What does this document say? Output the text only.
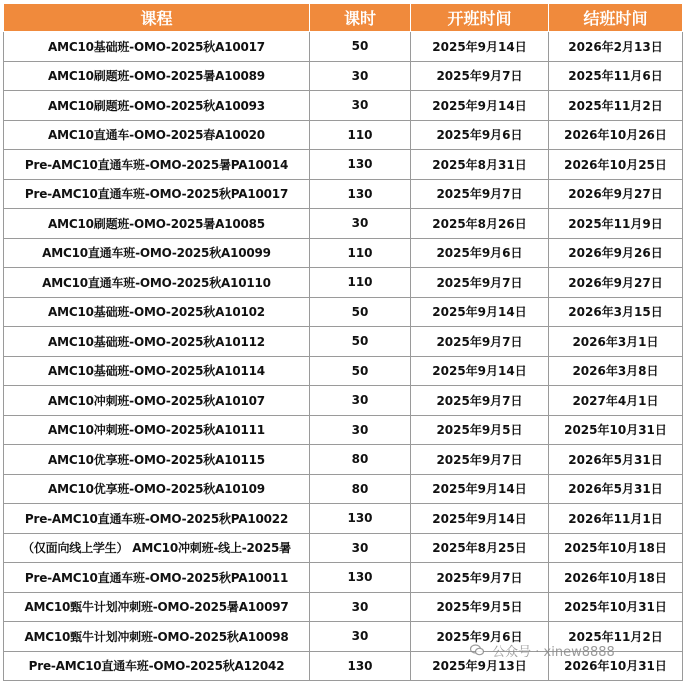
课程	课时	开班时间	结班时间
AMC10基础班-OMO-2025秋A10017	50	2025年9月14日	2026年2月13日
AMC10刷题班-OMO-2025暑A10089	30	2025年9月7日	2025年11月6日
AMC10刷题班-OMO-2025秋A10093	30	2025年9月14日	2025年11月2日
AMC10直通车-OMO-2025春A10020	110	2025年9月6日	2026年10月26日
Pre-AMC10直通车班-OMO-2025暑PA10014	130	2025年8月31日	2026年10月25日
Pre-AMC10直通车班-OMO-2025秋PA10017	130	2025年9月7日	2026年9月27日
AMC10刷题班-OMO-2025暑A10085	30	2025年8月26日	2025年11月9日
AMC10直通车班-OMO-2025秋A10099	110	2025年9月6日	2026年9月26日
AMC10直通车班-OMO-2025秋A10110	110	2025年9月7日	2026年9月27日
AMC10基础班-OMO-2025秋A10102	50	2025年9月14日	2026年3月15日
AMC10基础班-OMO-2025秋A10112	50	2025年9月7日	2026年3月1日
AMC10基础班-OMO-2025秋A10114	50	2025年9月14日	2026年3月8日
AMC10冲刺班-OMO-2025秋A10107	30	2025年9月7日	2027年4月1日
AMC10冲刺班-OMO-2025秋A10111	30	2025年9月5日	2025年10月31日
AMC10优享班-OMO-2025秋A10115	80	2025年9月7日	2026年5月31日
AMC10优享班-OMO-2025秋A10109	80	2025年9月14日	2026年5月31日
Pre-AMC10直通车班-OMO-2025秋PA10022	130	2025年9月14日	2026年11月1日
（仅面向线上学生） AMC10冲刺班-线上-2025暑	30	2025年8月25日	2025年10月18日
Pre-AMC10直通车班-OMO-2025秋PA10011	130	2025年9月7日	2026年10月18日
AMC10甄牛计划冲刺班-OMO-2025暑A10097	30	2025年9月5日	2025年10月31日
AMC10甄牛计划冲刺班-OMO-2025秋A10098	30	2025年9月6日	2025年11月2日
Pre-AMC10直通车班-OMO-2025秋A12042	130	2025年9月13日	2026年10月31日
公众号 · xinew8888
